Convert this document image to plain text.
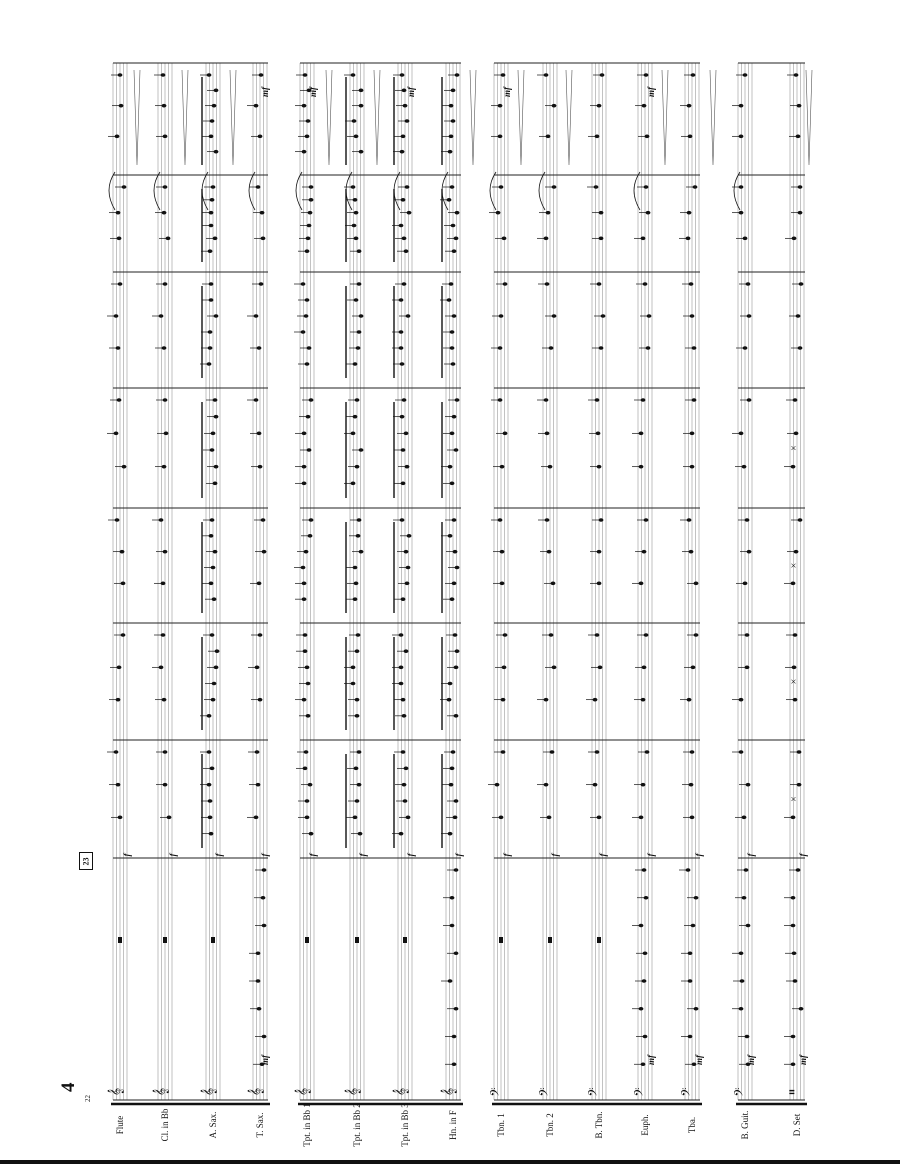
𝄞 𝄞 𝄞 𝄞 𝄞 𝄞 𝄞 𝄞 𝄢 𝄢 𝄢 𝄢 𝄢	𝄢	𝄥
×
×
×
×
f	f	f	f	f	f	f	f	f	f	f	f	f	f	f
mf	mf	mf	mf	mf
mf	mf	mf	mf	mf
4
22
23
Flute	Cl. in Bb	A. Sax.	T. Sax.	Tpt. in Bb 1	Tpt. in Bb 2	Tpt. in Bb 3	Hn. in F	Tbn. 1	Tbn. 2	B. Tbn.	Euph.	Tba.	B. Guit.	D. Set
